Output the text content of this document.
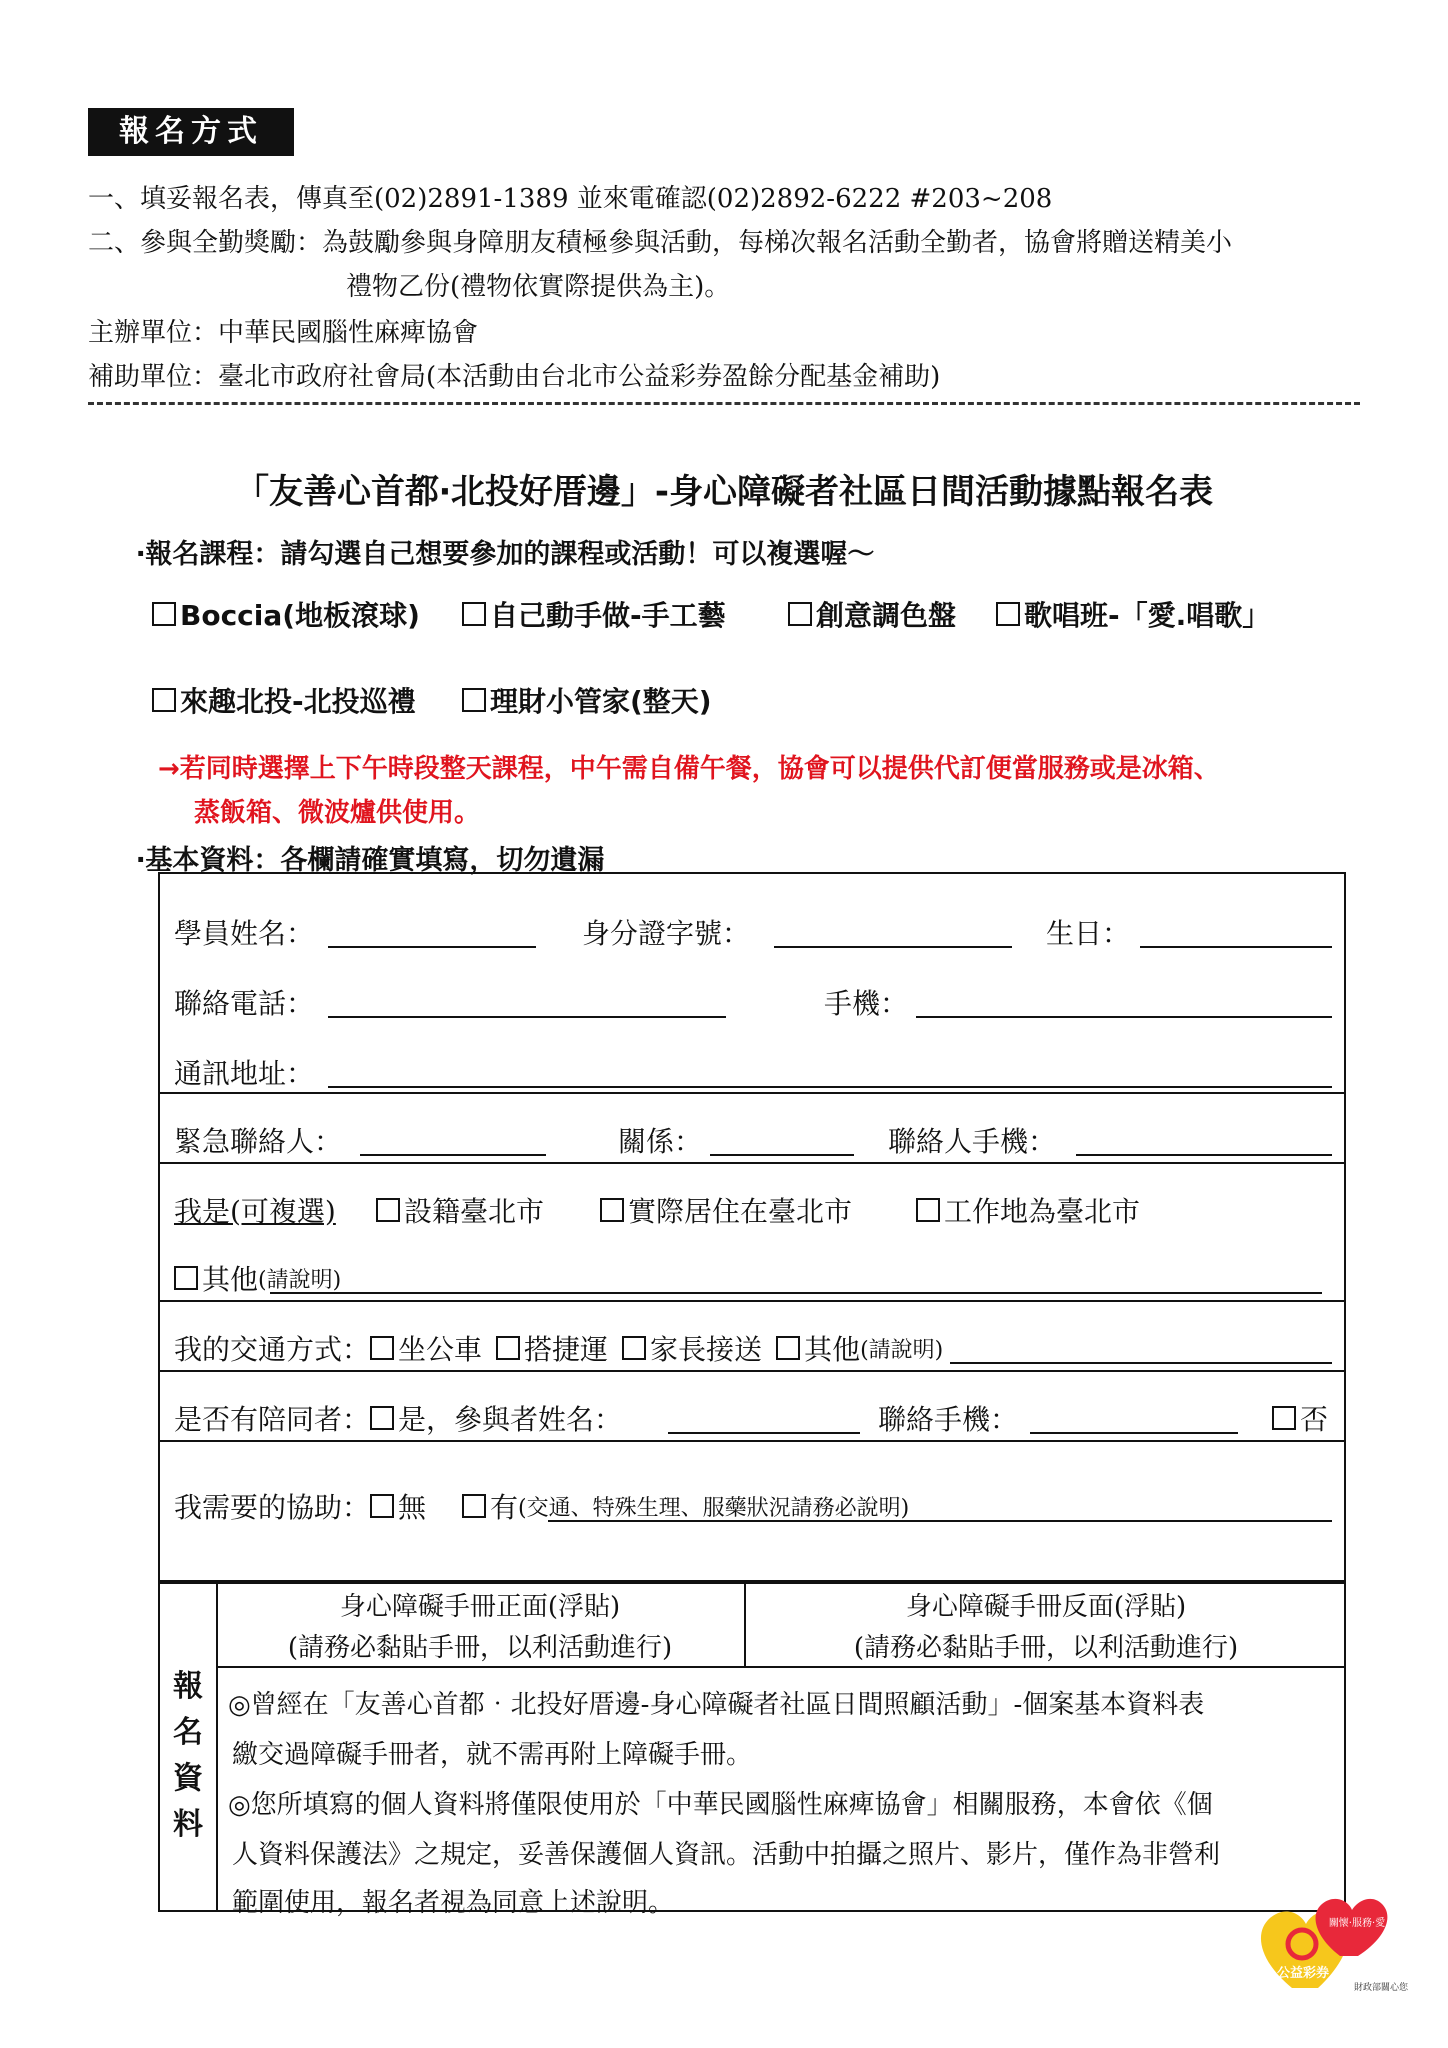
報名方式
一、填妥報名表，傳真至(02)2891-1389 並來電確認(02)2892-6222 #203~208
二、參與全勤獎勵：為鼓勵參與身障朋友積極參與活動，每梯次報名活動全勤者，協會將贈送精美小
禮物乙份(禮物依實際提供為主)。
主辦單位：中華民國腦性麻痺協會
補助單位：臺北市政府社會局(本活動由台北市公益彩券盈餘分配基金補助)
「友善心首都‧北投好厝邊」-身心障礙者社區日間活動據點報名表
‧報名課程：請勾選自己想要參加的課程或活動！可以複選喔～
Boccia(地板滾球)	自己動手做-手工藝	創意調色盤 歌唱班-「愛.唱歌」
來趣北投-北投巡禮	理財小管家(整天)
→若同時選擇上下午時段整天課程，中午需自備午餐，協會可以提供代訂便當服務或是冰箱、
蒸飯箱、微波爐供使用。
‧基本資料：各欄請確實填寫，切勿遺漏
學員姓名：	身分證字號：	生日：
聯絡電話：	手機：
通訊地址：
緊急聯絡人：	關係：	聯絡人手機：
我是(可複選) 設籍臺北市	實際居住在臺北市	工作地為臺北市
其他 (請說明)
我的交通方式： 坐公車 搭捷運 家長接送 其他 (請說明)
是否有陪同者： 是，參與者姓名：	聯絡手機：	否
我需要的協助： 無 有 (交通、特殊生理、服藥狀況請務必說明)
報
名
資
料
身心障礙手冊正面(浮貼)
(請務必黏貼手冊，以利活動進行)
身心障礙手冊反面(浮貼)
(請務必黏貼手冊，以利活動進行)
◎曾經在「友善心首都‧北投好厝邊-身心障礙者社區日間照顧活動」-個案基本資料表
繳交過障礙手冊者，就不需再附上障礙手冊。
◎您所填寫的個人資料將僅限使用於「中華民國腦性麻痺協會」相關服務，本會依《個
人資料保護法》之規定，妥善保護個人資訊。活動中拍攝之照片、影片，僅作為非營利
範圍使用，報名者視為同意上述說明。
關懷‧服務‧愛
公益彩券
財政部關心您
